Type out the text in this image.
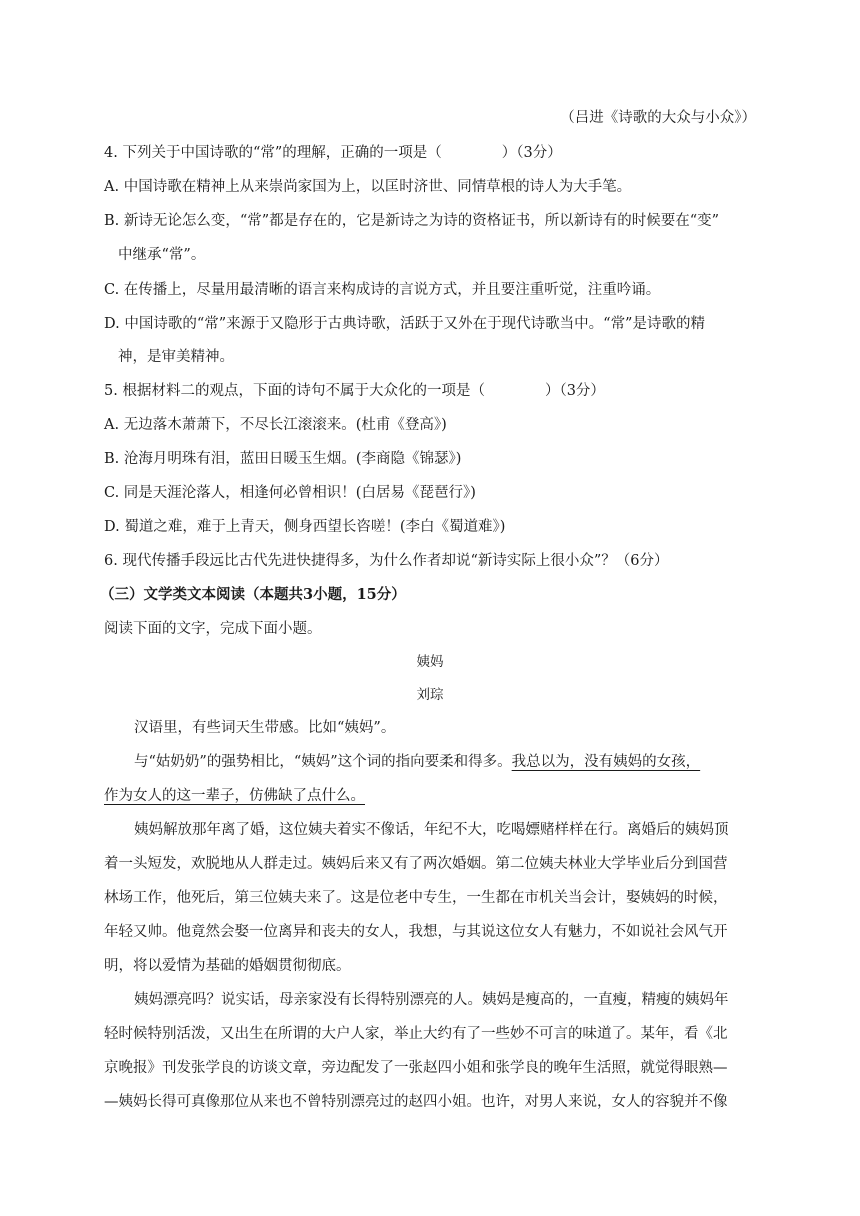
（吕进《诗歌的大众与小众》）
4. 下列关于中国诗歌的“常”的理解，正确的一项是（	）（3分）
A. 中国诗歌在精神上从来崇尚家国为上，以匡时济世、同情草根的诗人为大手笔。
B. 新诗无论怎么变，“常”都是存在的，它是新诗之为诗的资格证书，所以新诗有的时候要在“变”
中继承“常”。
C. 在传播上，尽量用最清晰的语言来构成诗的言说方式，并且要注重听觉，注重吟诵。
D. 中国诗歌的“常”来源于又隐形于古典诗歌，活跃于又外在于现代诗歌当中。“常”是诗歌的精
神，是审美精神。
5. 根据材料二的观点，下面的诗句不属于大众化的一项是（	）（3分）
A. 无边落木萧萧下，不尽长江滚滚来。(杜甫《登高》)
B. 沧海月明珠有泪，蓝田日暖玉生烟。(李商隐《锦瑟》)
C. 同是天涯沦落人，相逢何必曾相识！(白居易《琵琶行》)
D. 蜀道之难，难于上青天，侧身西望长咨嗟！(李白《蜀道难》)
6. 现代传播手段远比古代先进快捷得多，为什么作者却说“新诗实际上很小众”？（6分）
（三）文学类文本阅读（本题共3小题，15分）
阅读下面的文字，完成下面小题。
姨妈
刘琮
汉语里，有些词天生带感。比如“姨妈”。
与“姑奶奶”的强势相比，“姨妈”这个词的指向要柔和得多。我总以为，没有姨妈的女孩，
作为女人的这一辈子，仿佛缺了点什么。
姨妈解放那年离了婚，这位姨夫着实不像话，年纪不大，吃喝嫖赌样样在行。离婚后的姨妈顶
着一头短发，欢脱地从人群走过。姨妈后来又有了两次婚姻。第二位姨夫林业大学毕业后分到国营
林场工作，他死后，第三位姨夫来了。这是位老中专生，一生都在市机关当会计，娶姨妈的时候，
年轻又帅。他竟然会娶一位离异和丧夫的女人，我想，与其说这位女人有魅力，不如说社会风气开
明，将以爱情为基础的婚姻贯彻彻底。
姨妈漂亮吗？说实话，母亲家没有长得特别漂亮的人。姨妈是瘦高的，一直瘦，精瘦的姨妈年
轻时候特别活泼，又出生在所谓的大户人家，举止大约有了一些妙不可言的味道了。某年，看《北
京晚报》刊发张学良的访谈文章，旁边配发了一张赵四小姐和张学良的晚年生活照，就觉得眼熟—
—姨妈长得可真像那位从来也不曾特别漂亮过的赵四小姐。也许，对男人来说，女人的容貌并不像
